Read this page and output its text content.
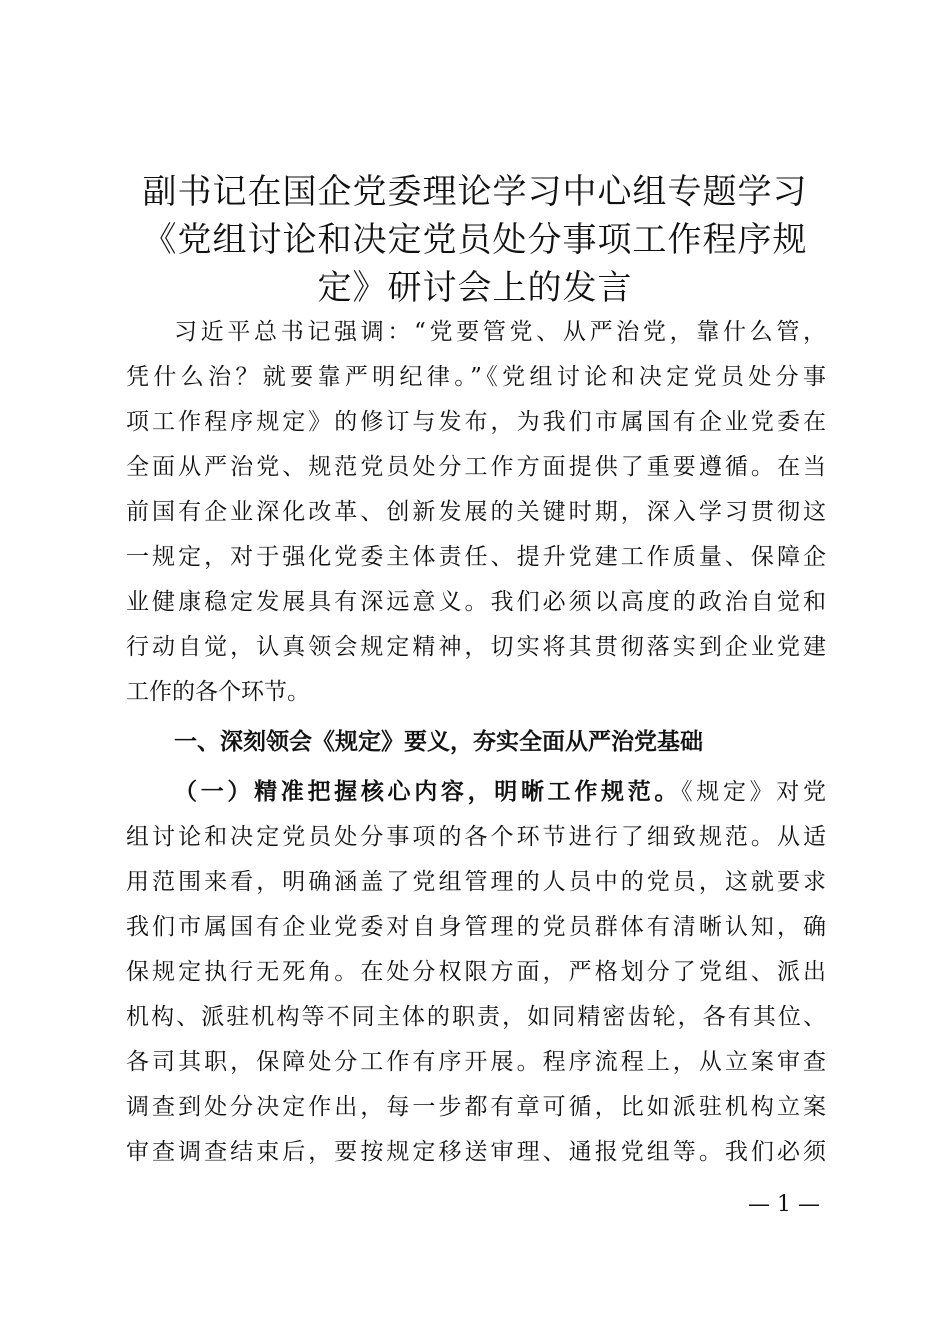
副书记在国企党委理论学习中心组专题学习
《党组讨论和决定党员处分事项工作程序规
定》研讨会上的发言
习近平总书记强调：“党要管党、从严治党，靠什么管，
凭什么治？就要靠严明纪律。”《党组讨论和决定党员处分事
项工作程序规定》的修订与发布，为我们市属国有企业党委在
全面从严治党、规范党员处分工作方面提供了重要遵循。在当
前国有企业深化改革、创新发展的关键时期，深入学习贯彻这
一规定，对于强化党委主体责任、提升党建工作质量、保障企
业健康稳定发展具有深远意义。我们必须以高度的政治自觉和
行动自觉，认真领会规定精神，切实将其贯彻落实到企业党建
工作的各个环节。
一、深刻领会《规定》要义，夯实全面从严治党基础
（一）精准把握核心内容，明晰工作规范。《规定》对党
组讨论和决定党员处分事项的各个环节进行了细致规范。从适
用范围来看，明确涵盖了党组管理的人员中的党员，这就要求
我们市属国有企业党委对自身管理的党员群体有清晰认知，确
保规定执行无死角。在处分权限方面，严格划分了党组、派出
机构、派驻机构等不同主体的职责，如同精密齿轮，各有其位、
各司其职，保障处分工作有序开展。程序流程上，从立案审查
调查到处分决定作出，每一步都有章可循，比如派驻机构立案
审查调查结束后，要按规定移送审理、通报党组等。我们必须
— 1 —
